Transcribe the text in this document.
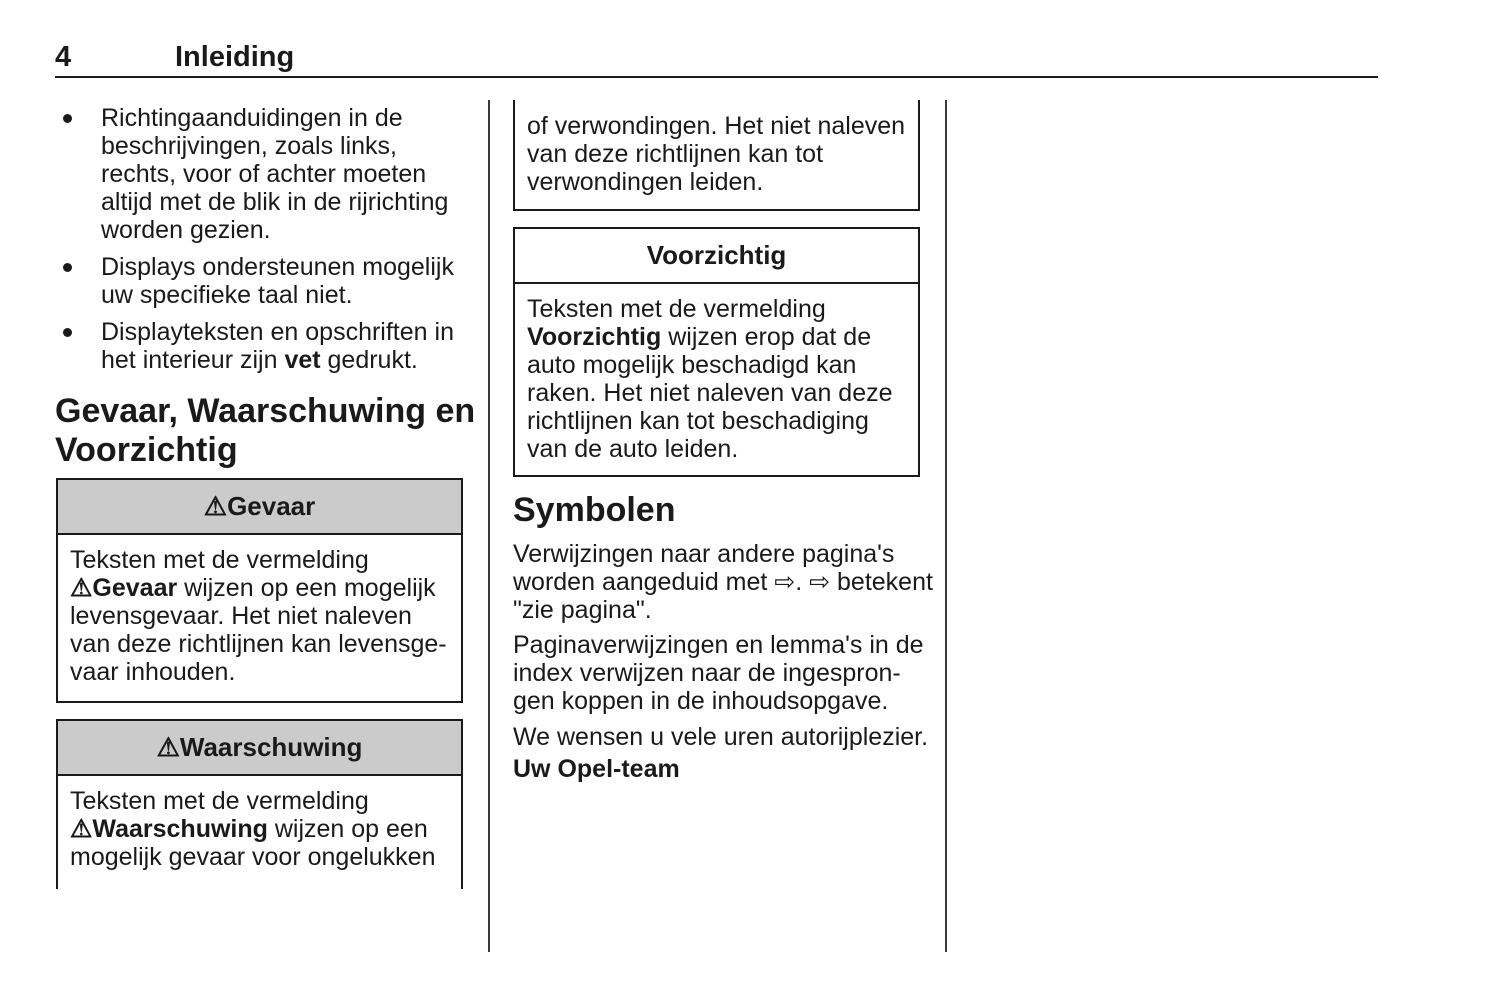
4	Inleiding
Richtingaanduidingen in de
beschrijvingen, zoals links,
rechts, voor of achter moeten
altijd met de blik in de rijrichting
worden gezien.
Displays ondersteunen mogelijk
uw specifieke taal niet.
Displayteksten en opschriften in
het interieur zijn vet gedrukt.
Gevaar, Waarschuwing en
Voorzichtig
⚠ Gevaar
Teksten met de vermelding
⚠Gevaar wijzen op een mogelijk
levensgevaar. Het niet naleven
van deze richtlijnen kan levensge-
vaar inhouden.
⚠ Waarschuwing
Teksten met de vermelding
⚠Waarschuwing wijzen op een
mogelijk gevaar voor ongelukken
of verwondingen. Het niet naleven
van deze richtlijnen kan tot
verwondingen leiden.
Voorzichtig
Teksten met de vermelding
Voorzichtig wijzen erop dat de
auto mogelijk beschadigd kan
raken. Het niet naleven van deze
richtlijnen kan tot beschadiging
van de auto leiden.
Symbolen
Verwijzingen naar andere pagina's
worden aangeduid met ⇨. ⇨ betekent
"zie pagina".
Paginaverwijzingen en lemma's in de
index verwijzen naar de ingespron-
gen koppen in de inhoudsopgave.
We wensen u vele uren autorijplezier.
Uw Opel-team
